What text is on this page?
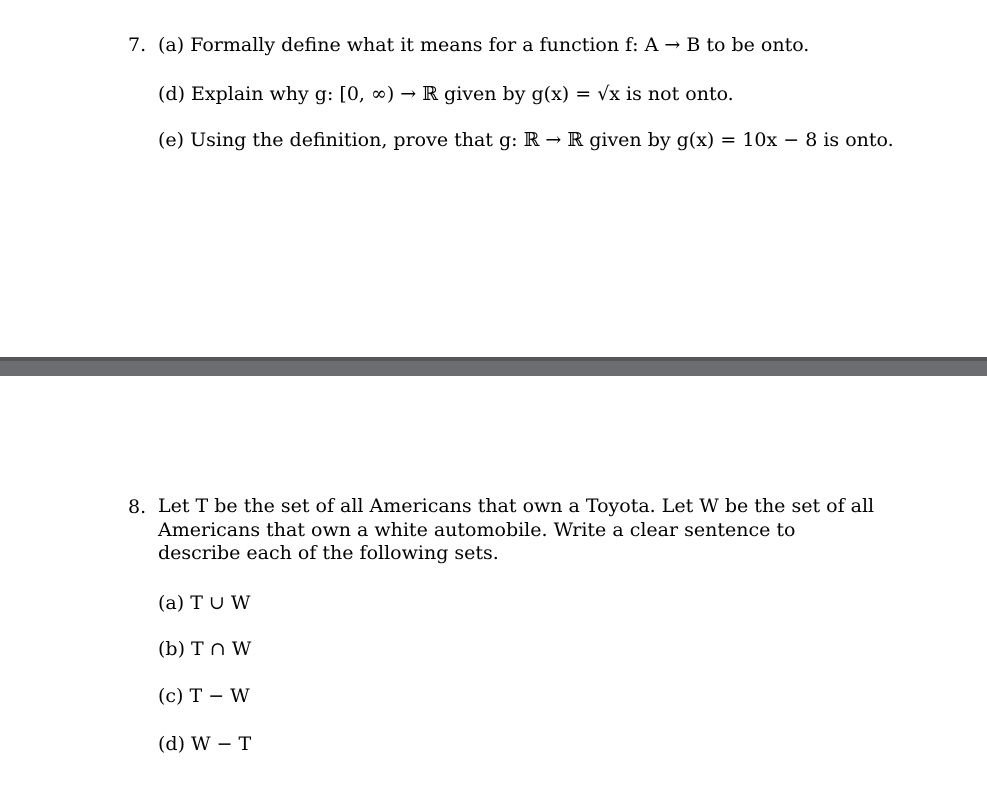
7. (a) Formally define what it means for a function f: A → B to be onto.
(d) Explain why g: [0, ∞) → ℝ given by g(x) = √x is not onto.
(e) Using the definition, prove that g: ℝ → ℝ given by g(x) = 10x − 8 is onto.
8. Let T be the set of all Americans that own a Toyota. Let W be the set of all Americans that own a white automobile. Write a clear sentence to describe each of the following sets.
(a) T ∪ W
(b) T ∩ W
(c) T − W
(d) W − T
